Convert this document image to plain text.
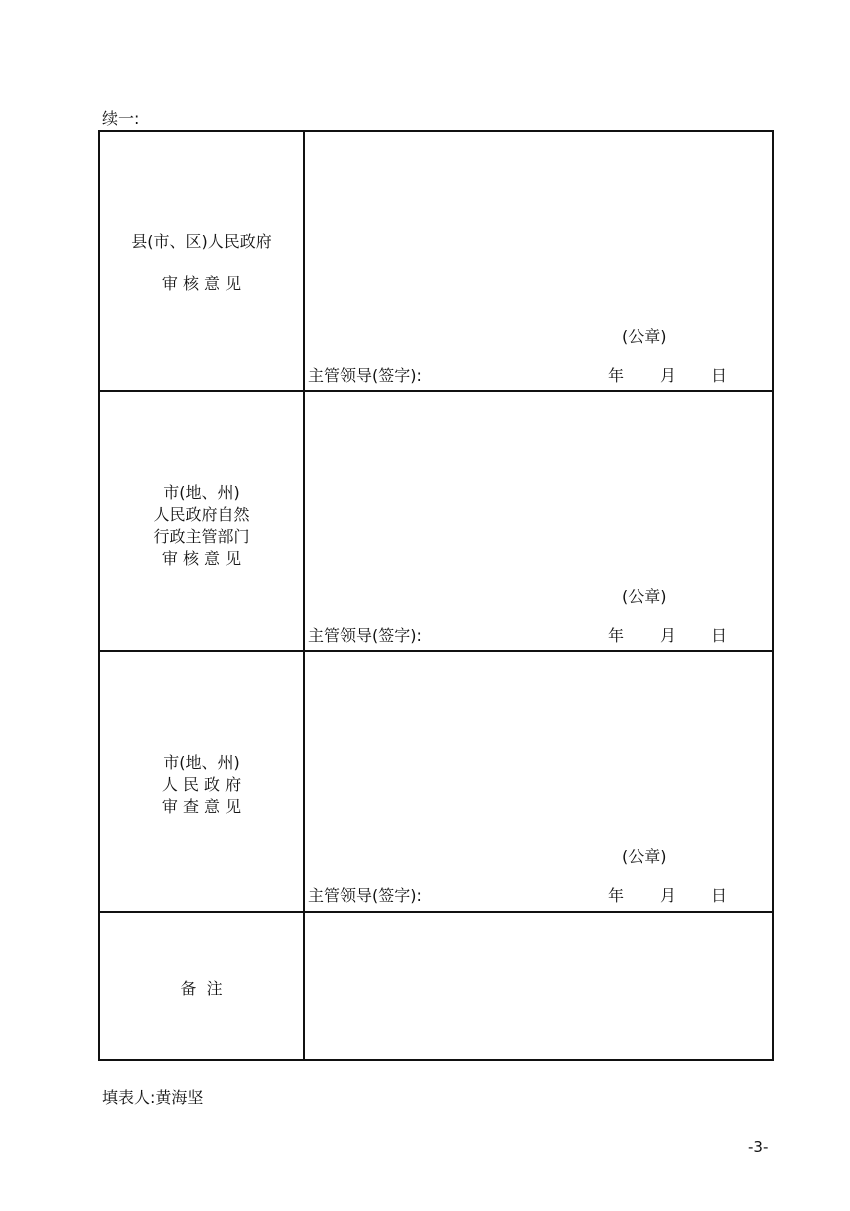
续一:
县(市、区)人民政府
审 核 意 见
(公章)
主管领导(签字):	年 月 日
市(地、州)
人民政府自然
行政主管部门
审 核 意 见
(公章)
主管领导(签字):	年 月 日
市(地、州)
人 民 政 府
审 查 意 见
(公章)
主管领导(签字):	年 月 日
备  注
填表人:黄海坚
-3-
